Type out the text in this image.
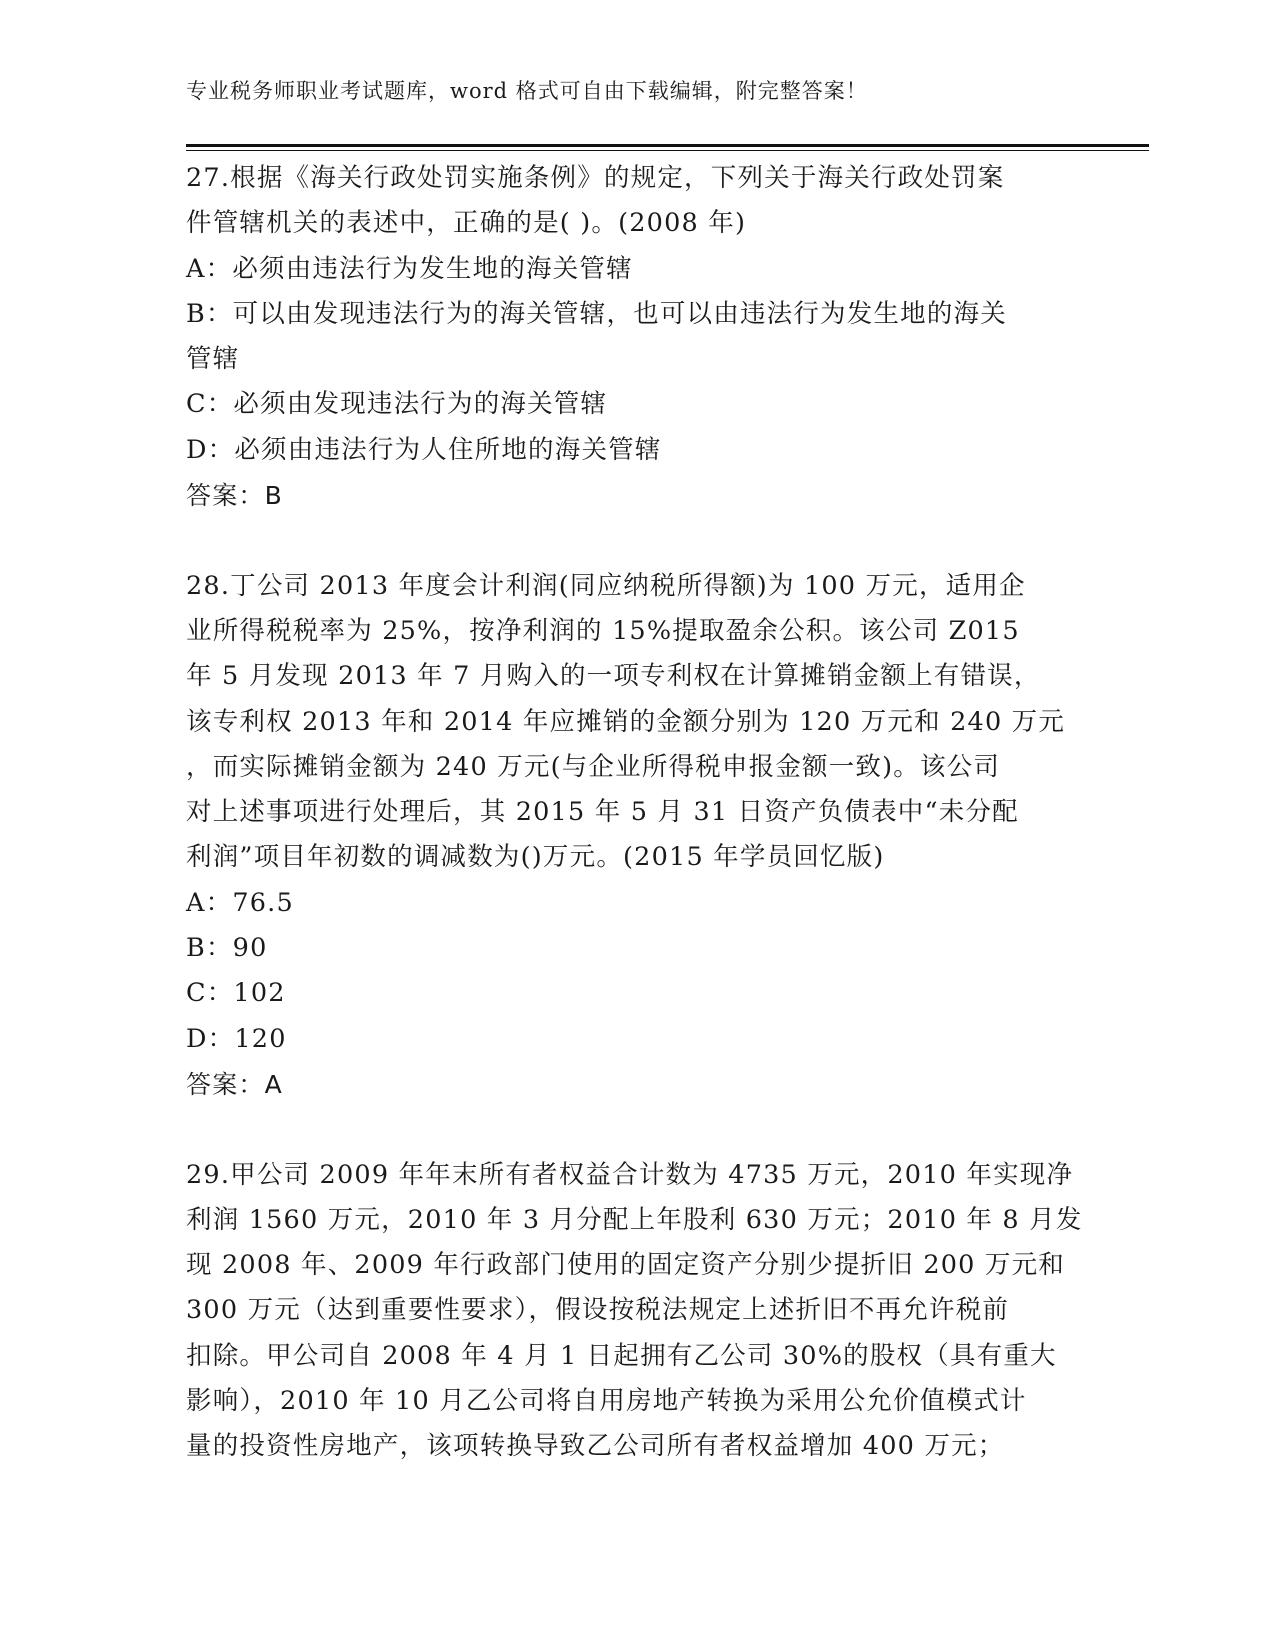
专业税务师职业考试题库，word 格式可自由下载编辑，附完整答案！
27.根据《海关行政处罚实施条例》的规定，下列关于海关行政处罚案
件管辖机关的表述中，正确的是( )。(2008 年)
A：必须由违法行为发生地的海关管辖
B：可以由发现违法行为的海关管辖，也可以由违法行为发生地的海关
管辖
C：必须由发现违法行为的海关管辖
D：必须由违法行为人住所地的海关管辖
答案：B
28.丁公司 2013 年度会计利润(同应纳税所得额)为 100 万元，适用企
业所得税税率为 25%，按净利润的 15%提取盈余公积。该公司 Z015
年 5 月发现 2013 年 7 月购入的一项专利权在计算摊销金额上有错误，
该专利权 2013 年和 2014 年应摊销的金额分别为 120 万元和 240 万元
，而实际摊销金额为 240 万元(与企业所得税申报金额一致)。该公司
对上述事项进行处理后，其 2015 年 5 月 31 日资产负债表中“未分配
利润”项目年初数的调减数为()万元。(2015 年学员回忆版)
A：76.5
B：90
C：102
D：120
答案：A
29.甲公司 2009 年年末所有者权益合计数为 4735 万元，2010 年实现净
利润 1560 万元，2010 年 3 月分配上年股利 630 万元；2010 年 8 月发
现 2008 年、2009 年行政部门使用的固定资产分别少提折旧 200 万元和
300 万元（达到重要性要求），假设按税法规定上述折旧不再允许税前
扣除。甲公司自 2008 年 4 月 1 日起拥有乙公司 30%的股权（具有重大
影响），2010 年 10 月乙公司将自用房地产转换为采用公允价值模式计
量的投资性房地产，该项转换导致乙公司所有者权益增加 400 万元；
